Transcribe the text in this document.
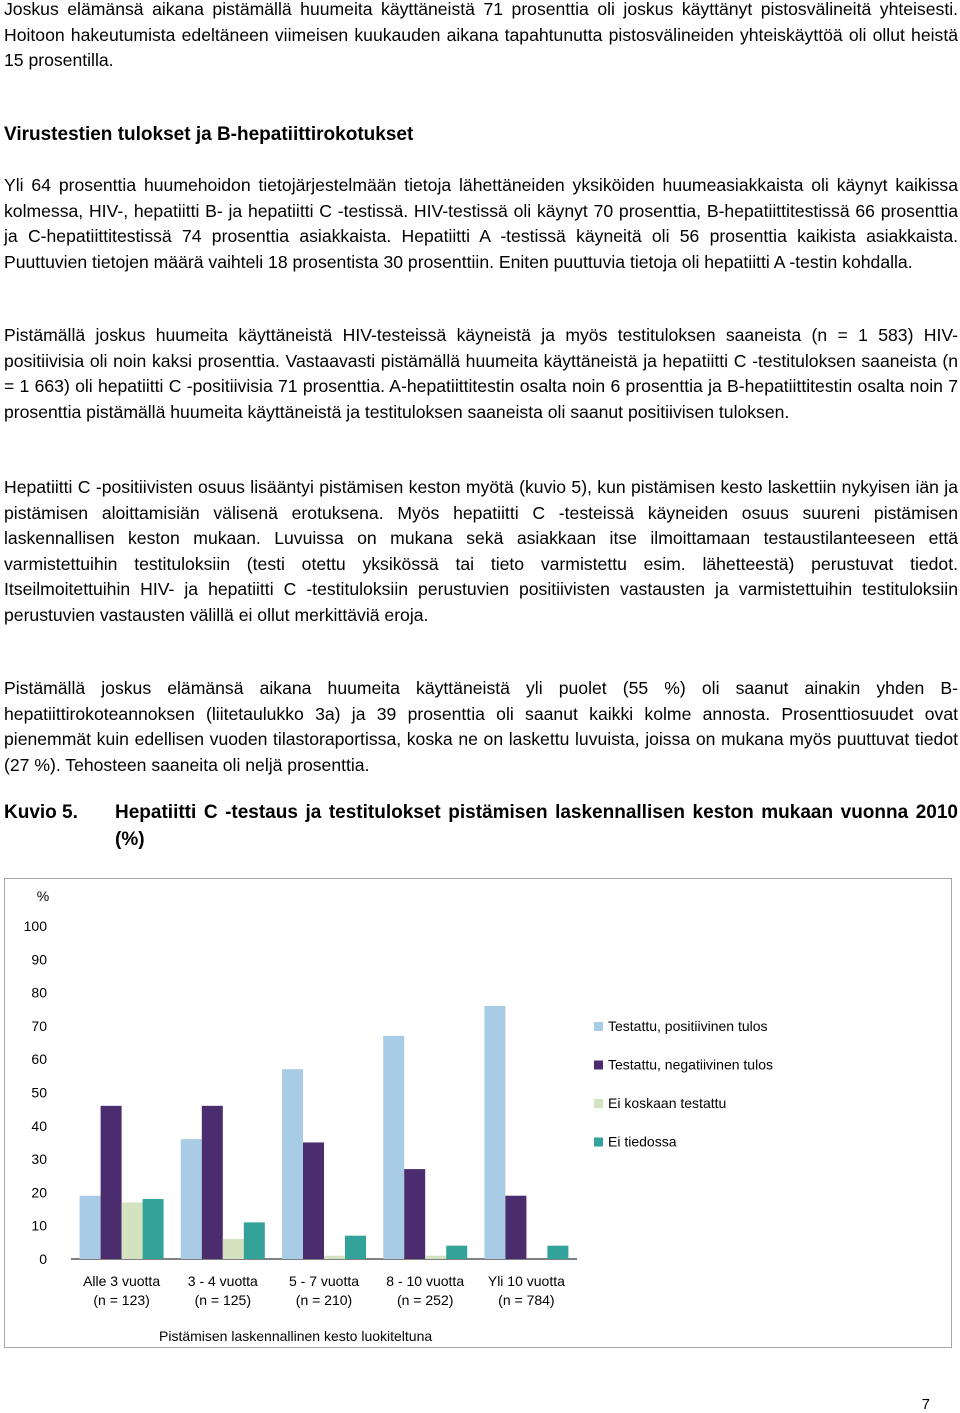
Joskus elämänsä aikana pistämällä huumeita käyttäneistä 71 prosenttia oli joskus käyttänyt pistosvälineitä yhteisesti. Hoitoon hakeutumista edeltäneen viimeisen kuukauden aikana tapahtunutta pistosvälineiden yhteiskäyttöä oli ollut heistä 15 prosentilla.

Virustestien tulokset ja B-hepatiittirokotukset

Yli 64 prosenttia huumehoidon tietojärjestelmään tietoja lähettäneiden yksiköiden huumeasiakkaista oli käynyt kaikissa kolmessa, HIV-, hepatiitti B- ja hepatiitti C -testissä. HIV-testissä oli käynyt 70 prosenttia, B-hepatiittitestissä 66 prosenttia ja C-hepatiittitestissä 74 prosenttia asiakkaista. Hepatiitti A -testissä käyneitä oli 56 prosenttia kaikista asiakkaista. Puuttuvien tietojen määrä vaihteli 18 prosentista 30 prosenttiin. Eniten puuttuvia tietoja oli hepatiitti A -testin kohdalla.

Pistämällä joskus huumeita käyttäneistä HIV-testeissä käyneistä ja myös testituloksen saaneista (n = 1 583) HIV-positiivisia oli noin kaksi prosenttia. Vastaavasti pistämällä huumeita käyttäneistä ja hepatiitti C -testituloksen saaneista (n = 1 663) oli hepatiitti C -positiivisia 71 prosenttia. A-hepatiittitestin osalta noin 6 prosenttia ja B-hepatiittitestin osalta noin 7 prosenttia pistämällä huumeita käyttäneistä ja testituloksen saaneista oli saanut positiivisen tuloksen.

Hepatiitti C -positiivisten osuus lisääntyi pistämisen keston myötä (kuvio 5), kun pistämisen kesto laskettiin nykyisen iän ja pistämisen aloittamisiän välisenä erotuksena. Myös hepatiitti C -testeissä käyneiden osuus suureni pistämisen laskennallisen keston mukaan. Luvuissa on mukana sekä asiakkaan itse ilmoittamaan testaustilanteeseen että varmistettuihin testituloksiin (testi otettu yksikössä tai tieto varmistettu esim. lähetteestä) perustuvat tiedot. Itseilmoitettuihin HIV- ja hepatiitti C -testituloksiin perustuvien positiivisten vastausten ja varmistettuihin testituloksiin perustuvien vastausten välillä ei ollut merkittäviä eroja.

Pistämällä joskus elämänsä aikana huumeita käyttäneistä yli puolet (55 %) oli saanut ainakin yhden B-hepatiittirokoteannoksen (liitetaulukko 3a) ja 39 prosenttia oli saanut kaikki kolme annosta. Prosenttiosuudet ovat pienemmät kuin edellisen vuoden tilastoraportissa, koska ne on laskettu luvuista, joissa on mukana myös puuttuvat tiedot (27 %). Tehosteen saaneita oli neljä prosenttia.

Kuvio 5. Hepatiitti C -testaus ja testitulokset pistämisen laskennallisen keston mukaan vuonna 2010 (%)
%
0
10
20
30
40
50
60
70
80
90
100
Alle 3 vuotta
(n = 123)
3 - 4 vuotta
(n = 125)
5 - 7 vuotta
(n = 210)
8 - 10 vuotta
(n = 252)
Yli 10 vuotta
(n = 784)
Pistämisen laskennallinen kesto luokiteltuna
Testattu, positiivinen tulos
Testattu, negatiivinen tulos
Ei koskaan testattu
Ei tiedossa
7
